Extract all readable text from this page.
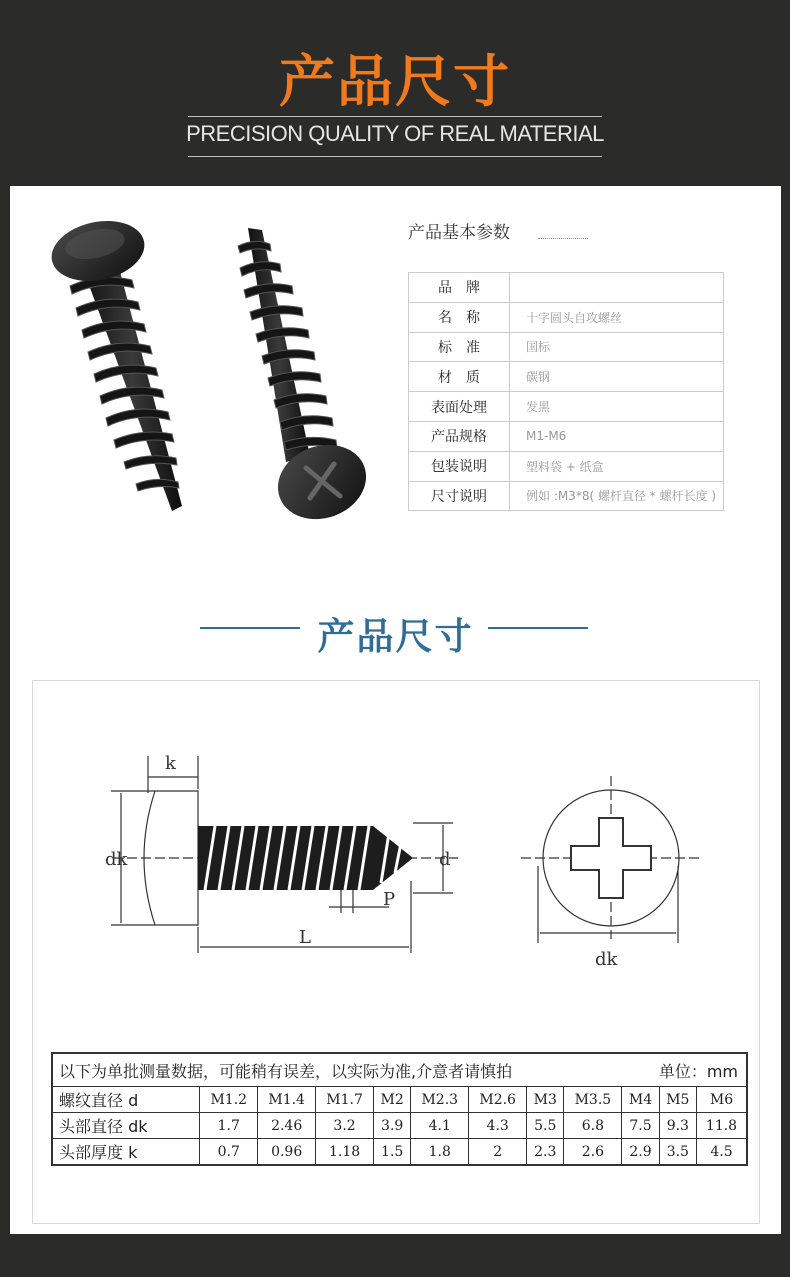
产品尺寸
PRECISION QUALITY OF REAL MATERIAL
产品基本参数
品　牌	
名　称	十字圆头自攻螺丝
标　准	国标
材　质	碳钢
表面处理	发黑
产品规格	M1-M6
包装说明	塑料袋 + 纸盒
尺寸说明	例如 :M3*8( 螺杆直径 * 螺杆长度 )
产品尺寸
k
dk	d
P
L
dk
以下为单批测量数据，可能稍有误差，以实际为准,介意者请慎拍 单位：mm											

螺纹直径 d	M1.2	M1.4	M1.7	M2	M2.3	M2.6	M3	M3.5	M4	M5	M6
头部直径 dk	1.7	2.46	3.2	3.9	4.1	4.3	5.5	6.8	7.5	9.3	11.8
头部厚度 k	0.7	0.96	1.18	1.5	1.8	2	2.3	2.6	2.9	3.5	4.5
